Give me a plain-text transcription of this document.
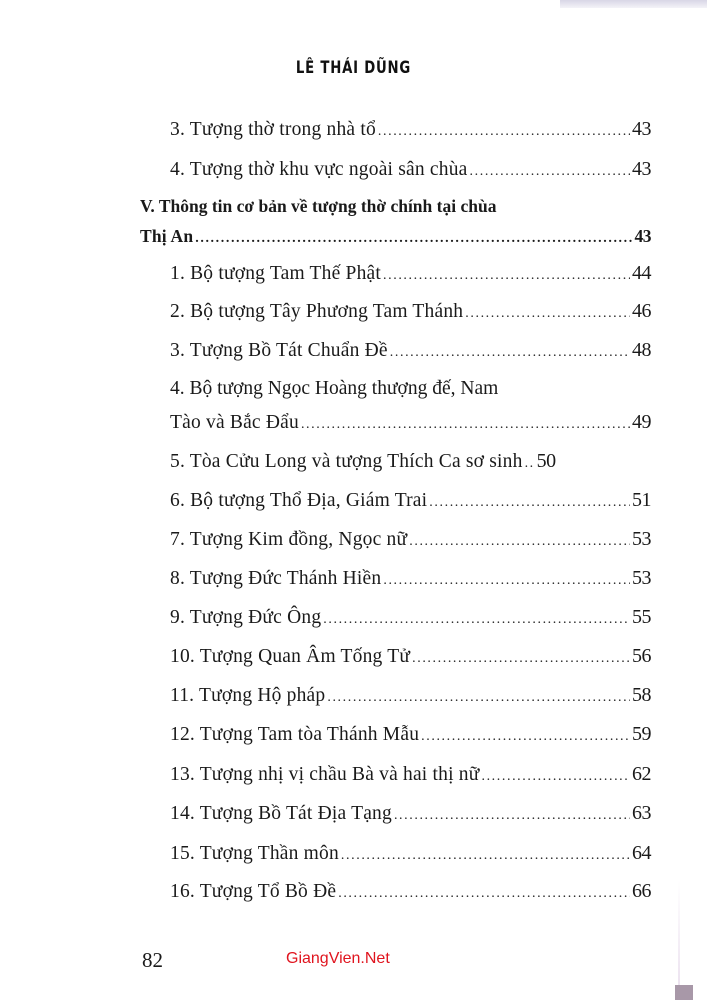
LÊ THÁI DŨNG
3. Tượng thờ trong nhà tổ .....	43
4. Tượng thờ khu vực ngoài sân chùa .....	43
V. Thông tin cơ bản về tượng thờ chính tại chùa
Thị An .....	43
1. Bộ tượng Tam Thế Phật .....	44
2. Bộ tượng Tây Phương Tam Thánh .....	46
3. Tượng Bồ Tát Chuẩn Đề .....	48
4. Bộ tượng Ngọc Hoàng thượng đế, Nam
Tào và Bắc Đẩu .....	49
5. Tòa Cửu Long và tượng Thích Ca sơ sinh ..... 50
6. Bộ tượng Thổ Địa, Giám Trai .....	51
7. Tượng Kim đồng, Ngọc nữ .....	53
8. Tượng Đức Thánh Hiền .....	53
9. Tượng Đức Ông .....	55
10. Tượng Quan Âm Tống Tử .....	56
11. Tượng Hộ pháp .....	58
12. Tượng Tam tòa Thánh Mẫu .....	59
13. Tượng nhị vị chầu Bà và hai thị nữ .....	62
14. Tượng Bồ Tát Địa Tạng .....	63
15. Tượng Thần môn .....	64
16. Tượng Tổ Bồ Đề .....	66
82	GiangVien.Net
